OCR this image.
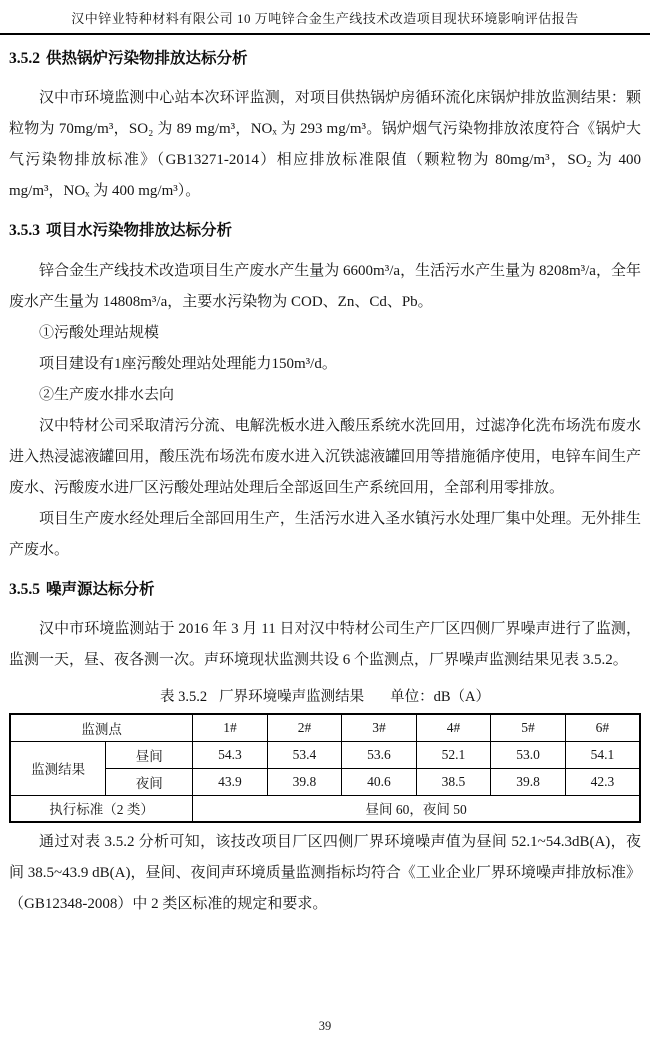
汉中锌业特种材料有限公司 10 万吨锌合金生产线技术改造项目现状环境影响评估报告
3.5.2 供热锅炉污染物排放达标分析

汉中市环境监测中心站本次环评监测，对项目供热锅炉房循环流化床锅炉排放监测结果：颗粒物为 70mg/m³，SO₂ 为 89 mg/m³，NOₓ 为 293 mg/m³。锅炉烟气污染物排放浓度符合《锅炉大气污染物排放标准》（GB13271-2014）相应排放标准限值（颗粒物为 80mg/m³，SO₂ 为 400 mg/m³，NOₓ 为 400 mg/m³）。

3.5.3 项目水污染物排放达标分析

锌合金生产线技术改造项目生产废水产生量为 6600m³/a，生活污水产生量为 8208m³/a，全年废水产生量为 14808m³/a，主要水污染物为 COD、Zn、Cd、Pb。

①污酸处理站规模

项目建设有1座污酸处理站处理能力150m³/d。

②生产废水排水去向

汉中特材公司采取清污分流、电解洗板水进入酸压系统水洗回用，过滤净化洗布场洗布废水进入热浸滤液罐回用，酸压洗布场洗布废水进入沉铁滤液罐回用等措施循序使用，电锌车间生产废水、污酸废水进厂区污酸处理站处理后全部返回生产系统回用，全部利用零排放。

项目生产废水经处理后全部回用生产，生活污水进入圣水镇污水处理厂集中处理。无外排生产废水。

3.5.5 噪声源达标分析

汉中市环境监测站于 2016 年 3 月 11 日对汉中特材公司生产厂区四侧厂界噪声进行了监测，监测一天，昼、夜各测一次。声环境现状监测共设 6 个监测点，厂界噪声监测结果见表 3.5.2。

表 3.5.2 厂界环境噪声监测结果 单位：dB（A）
监测点		1#	2#	3#	4#	5#	6#
监测结果	昼间	54.3	53.4	53.6	52.1	53.0	54.1
	夜间	43.9	39.8	40.6	38.5	39.8	42.3
执行标准（2 类）		昼间 60，夜间 50					

通过对表 3.5.2 分析可知，该技改项目厂区四侧厂界环境噪声值为昼间 52.1~54.3dB(A)，夜间 38.5~43.9 dB(A)，昼间、夜间声环境质量监测指标均符合《工业企业厂界环境噪声排放标准》（GB12348-2008）中 2 类区标准的规定和要求。

39
